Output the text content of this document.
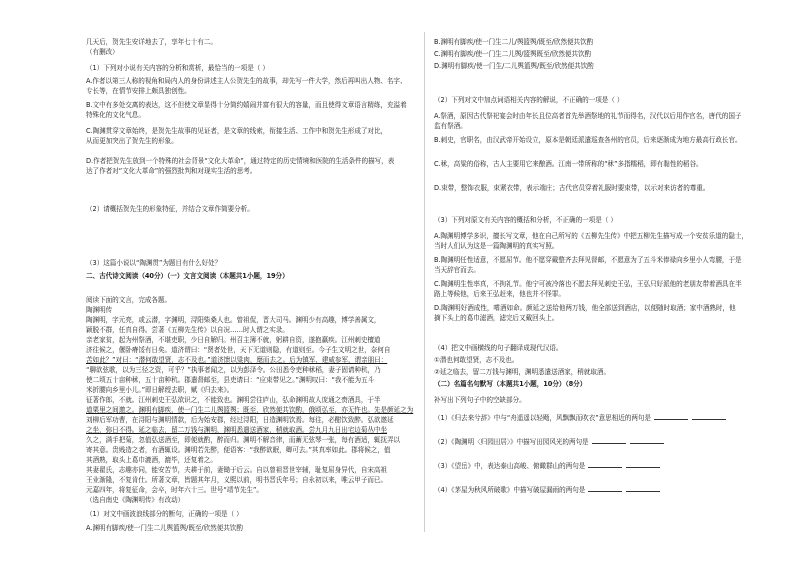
几天后，贺先生安详地去了，享年七十有二。
（有删改）
（1）下列对小说有关内容的分析和赏析，最恰当的一项是（ ）
A.作者以第三人称的视角和局内人的身份讲述主人公贺先生的故事，却先写一件大学，然后再叫出人物、名字、
专长等，在情节安排上颇具独创性。
B.文中有多处交离的表达，这不但使文章显得十分简约嬉闹并富有很大的容量，而且使得文章语言精练，充溢着
特殊化的文化气息。
C.陶渊贯穿文章始终，是贺先生故事的见证者，是文章的线索，衔接生活、工作中和贺先生形成了对比，
从而更加突出了贺先生的形象。
D.作者把贺先生放到一个特殊的社会背景“文化大革命”，通过特定的历史情境和医院的生活条件的描写，表
达了作者对“文化大革命”的强烈批判和对现实生活的思考。
（2）请概括贺先生的形象特征，并结合文章作简要分析。
（3）这篇小说以“陶渊贯”为题目有什么好处？
二、古代诗文阅读（40分）（一）文言文阅读（本题共1小题，19分）
阅读下面的文言，完成各题。
陶渊明传
陶渊明，字元亮，或云潜，字渊明，浔阳柴桑人也。曾祖侃，晋大司马。渊明少有高趣，博学善属文，
颖脱不群，任真自得。尝著《五柳先生传》以自况……时人谓之实录。
亲老家贫，起为州祭酒，不堪吏职，少日自解归。州召主簿不就，躬耕自资，遂抱羸疾。江州刺史檀道
济往候之，偃卧瘠馁有日矣。道济谓曰：“贤者处世，天下无道则隐，有道则至。今子生文明之世，奈何自
苦如此？”对曰：“潜何敢望贤，志不及也。”道济馈以粱肉，麾而去之。后为镇军、建威参军，谓亲朋曰：
“聊欲弦歌，以为三径之资，可乎？”执事者闻之，以为彭泽令。公田悉令吏种秫稻，妻子固请种秔，乃
使二顷五十亩种秫，五十亩种秔。郡遣督邮至，县吏请曰：“应束带见之。”渊明叹曰：“我不能为五斗
米折腰向乡里小儿。”即日解绶去职，赋《归去来》。
征著作郎，不就。江州刺史王弘欲识之，不能致也。渊明尝往庐山，弘命渊明故人庞通之赍酒具，于半
道栗里之间邀之。渊明有脚疾，使一门生二儿舆篮舆；既至，欣然便共饮酌，俄顷弘至，亦无忤也。先是颜延之为
刘柳后军功曹，在浔阳与渊明情款，后为始安郡，经过浔阳，日造渊明饮焉。每往，必酣饮致醉。弘欲邀延
之坐，弥日不得。延之临去，留二万钱与渊明，渊明悉遣送酒家，稍就取酒。尝九月九日出宅边菊丛中坐
久之，满手把菊，忽值弘送酒至，即便就酌，醉而归。渊明不解音律，而蓄无弦琴一张，每有酒适，辄抚弄以
寄其意。贵贱造之者，有酒辄设。渊明若先醉，便语客：“我醉欲眠，卿可去。”其真率如此。郡将候之，值
其酒熟，取头上葛巾漉酒，漉毕，还复着之。
其妻翟氏，志趣亦同，能安苦节，夫耕于前，妻锄于后云。自以曾祖晋世宰辅，耻复屈身异代，自宋高祖
王业渐隆，不复肯仕。所著文章，皆题其年月，义熙以前，明书晋氏年号；自永初以来，唯云甲子而已。
元嘉四年，将复征命，会卒，时年六十三。世号“靖节先生”。
（选自南史《陶渊明传》有改动）
（1）对文中画波浪线部分的断句，正确的一项是（ ）
A.渊明有脚疾/使一门生二儿舆篮舆/既至/欣然便共饮酌
B.渊明有脚疾/使一门生二儿/舆篮舆/既至/欣然便共饮酌
C.渊明有脚疾/使一门生二儿舆/篮舆既至/欣然便共饮酌
D.渊明有脚疾/使一门生/二儿舆篮舆/既至/欣然便共饮酌
（2）下列对文中加点词语相关内容的解说，不正确的一项是（ ）
A.祭酒，原因古代祭祀宴会时由年长且位高者首先举酒祭地的礼节而得名，汉代以后用作官名，唐代的国子
监有祭酒。
B.刺史，官职名，由汉武帝开始设立，原本是朝廷派遣巡查各州的官员，后来逐渐成为地方最高行政长官。
C.秫，高粱的俗称，古人主要用它来酿酒。江南一带所称的“秫”多指糯稻，即有黏性的稻谷。
D.束带，整饰衣服，束紧衣带，表示端庄；古代官员穿着礼服时要束带，以示对来访者的尊重。
（3）下列对原文有关内容的概括和分析，不正确的一项是（ ）
A.陶渊明博学多识，擅长写文章，他在自己所写的《五柳先生传》中把五柳先生描写成一个安贫乐道的隐士，
当时人们认为这是一篇陶渊明的真实写照。
B.陶渊明任性适意，不愿屈节。他不愿穿戴整齐去拜见督邮，不愿意为了五斗米俸禄向乡里小人弯腰，于是
当天辞官而去。
C.陶渊明生性率真，不拘礼节。他宁可被冷落也不愿去拜见刺史王弘，王弘只好派他的老朋友带着酒具在半
路上等候他，后来王弘赶来，他也并不怪罪。
D.陶渊明好酒成性，嗜酒如命。颜延之送给他两万钱，他全部送到酒店，以便随时取酒；家中酒熟时，他
摘下头上的葛巾滤酒，滤完后又戴回头上。
（4）把文中画横线的句子翻译成现代汉语。
①潜也何敢望贤，志不及也。
②延之临去，留二万钱与渊明，渊明悉遣送酒家，稍就取酒。
（二）名篇名句默写（本题共1小题，10分）（8分）
补写出下列句子中的空缺部分。
（1）《归去来兮辞》中与“舟遥遥以轻飏，风飘飘而吹衣”意思相近的两句是
（2）《陶渊明〈归园田居〉》中描写田园风光的两句是
（3）《望岳》中，表达泰山高峻、俯瞰群山的两句是
（4）《茅屋为秋风所破歌》中描写破屋漏雨的两句是
